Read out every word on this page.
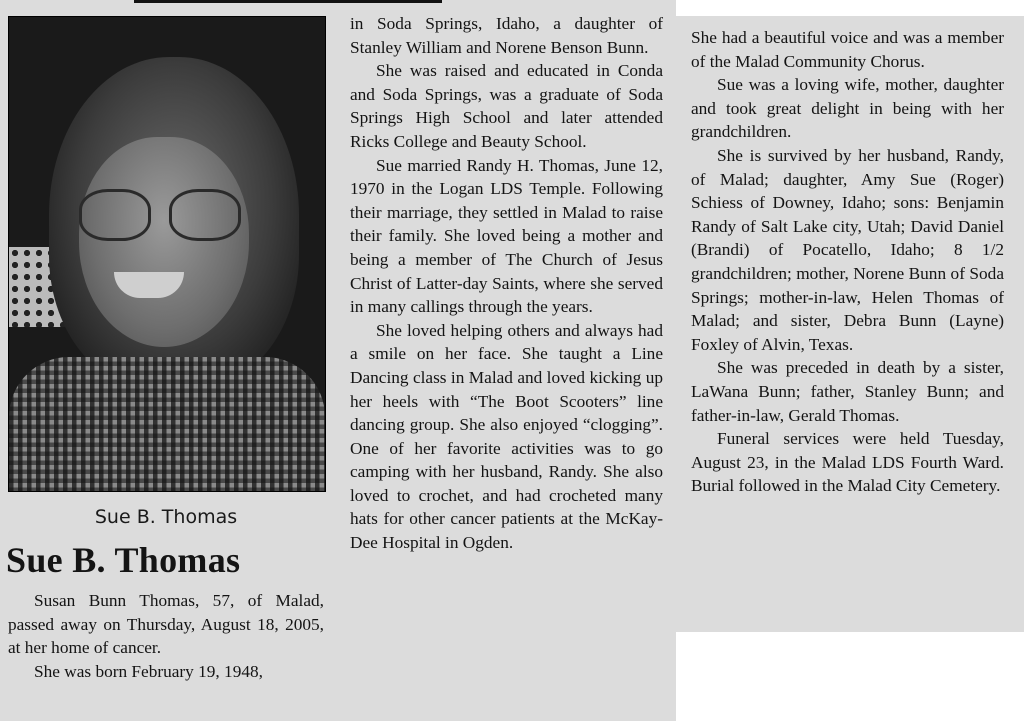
Sue B. Thomas
Sue B. Thomas

Susan Bunn Thomas, 57, of Malad, passed away on Thursday, August 18, 2005, at her home of cancer.

She was born February 19, 1948,

in Soda Springs, Idaho, a daughter of Stanley William and Norene Benson Bunn.

She was raised and educated in Conda and Soda Springs, was a graduate of Soda Springs High School and later attended Ricks College and Beauty School.

Sue married Randy H. Thomas, June 12, 1970 in the Logan LDS Temple. Following their marriage, they settled in Malad to raise their family. She loved being a mother and being a member of The Church of Jesus Christ of Latter-day Saints, where she served in many callings through the years.

She loved helping others and always had a smile on her face. She taught a Line Dancing class in Malad and loved kicking up her heels with “The Boot Scooters” line dancing group. She also enjoyed “clogging”. One of her favorite activities was to go camping with her husband, Randy. She also loved to crochet, and had crocheted many hats for other cancer patients at the McKay-Dee Hospital in Ogden.

She had a beautiful voice and was a member of the Malad Community Chorus.

Sue was a loving wife, mother, daughter and took great delight in being with her grandchildren.

She is survived by her husband, Randy, of Malad; daughter, Amy Sue (Roger) Schiess of Downey, Idaho; sons: Benjamin Randy of Salt Lake city, Utah; David Daniel (Brandi) of Pocatello, Idaho; 8 1/2 grandchildren; mother, Norene Bunn of Soda Springs; mother-in-law, Helen Thomas of Malad; and sister, Debra Bunn (Layne) Foxley of Alvin, Texas.

She was preceded in death by a sister, LaWana Bunn; father, Stanley Bunn; and father-in-law, Gerald Thomas.

Funeral services were held Tuesday, August 23, in the Malad LDS Fourth Ward. Burial followed in the Malad City Cemetery.
